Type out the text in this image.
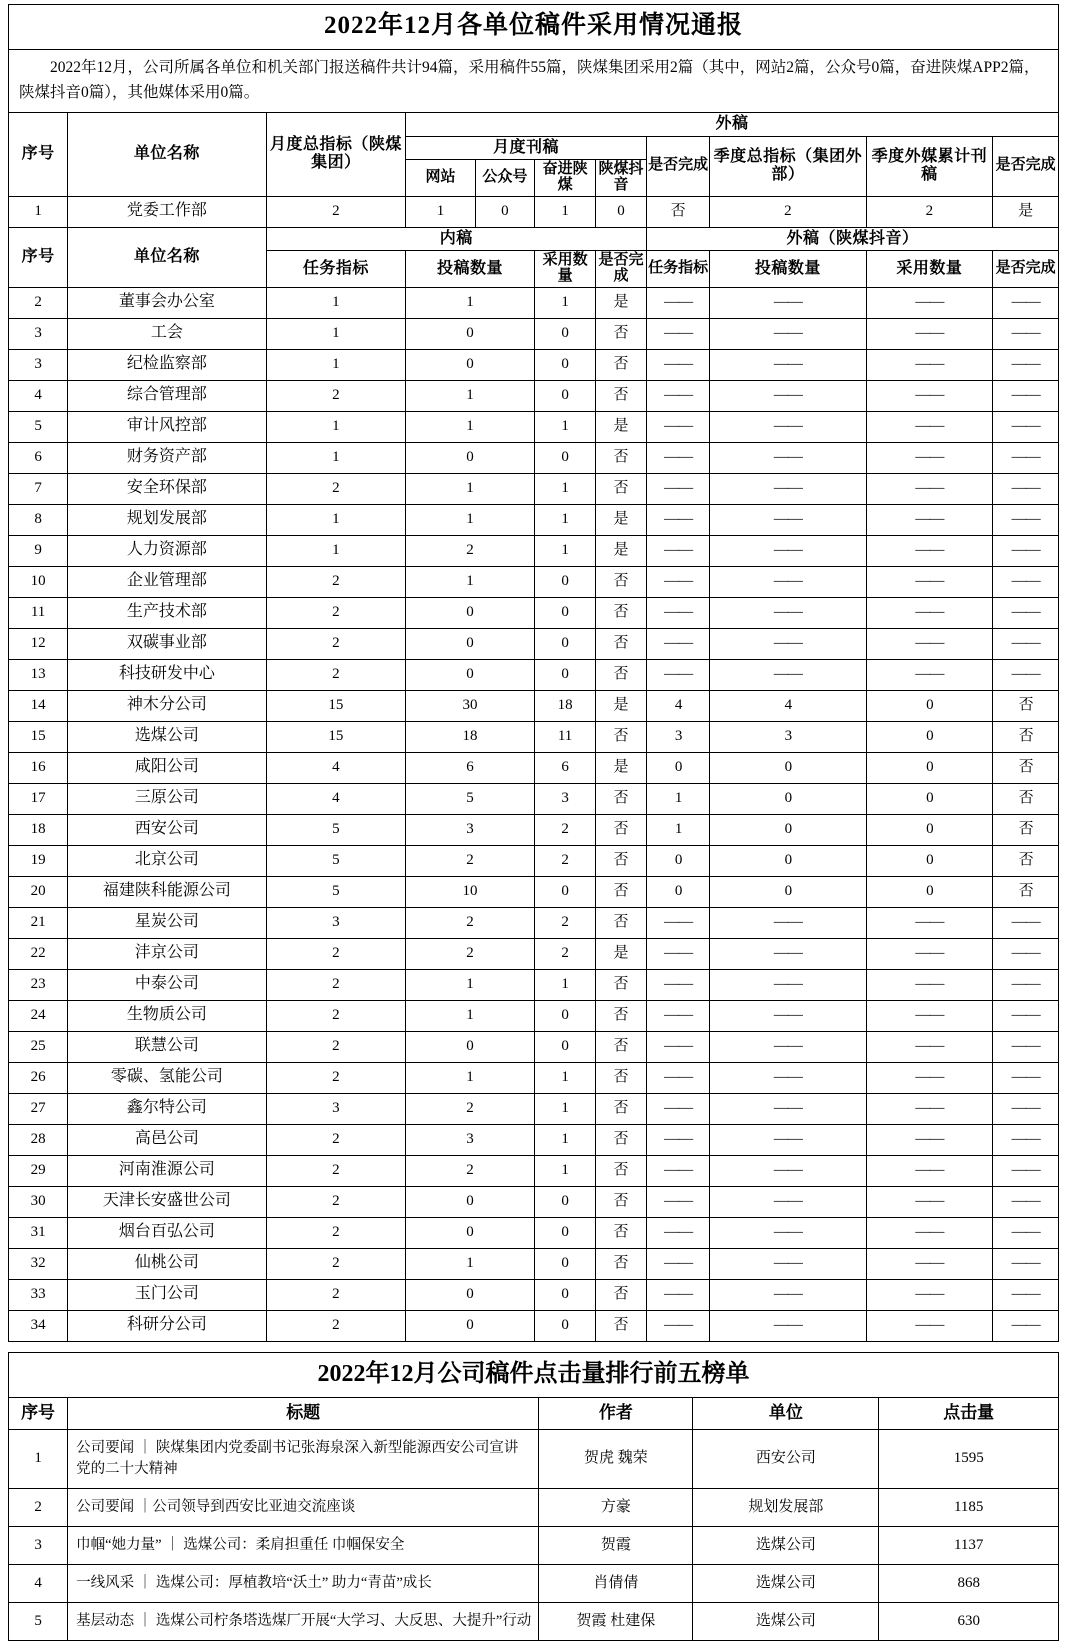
2022年12月各单位稿件采用情况通报										
2022年12月，公司所属各单位和机关部门报送稿件共计94篇，采用稿件55篇，陕煤集团采用2篇（其中，网站2篇，公众号0篇，奋进陕煤APP2篇，陕煤抖音0篇），其他媒体采用0篇。										
序号	单位名称	月度总指标（陕煤集团）	外稿							
			月度刊稿				是否完成	季度总指标（集团外部）	季度外媒累计刊稿	是否完成
			网站	公众号	奋进陕煤	陕煤抖音				
1	党委工作部	2	1	0	1	0	否	2	2	是
序号	单位名称	内稿					外稿（陕煤抖音）			
		任务指标	投稿数量		采用数量	是否完成	任务指标	投稿数量	采用数量	是否完成
2	董事会办公室	1	1		1	是	——	——	——	——
3	工会	1	0		0	否	——	——	——	——
3	纪检监察部	1	0		0	否	——	——	——	——
4	综合管理部	2	1		0	否	——	——	——	——
5	审计风控部	1	1		1	是	——	——	——	——
6	财务资产部	1	0		0	否	——	——	——	——
7	安全环保部	2	1		1	否	——	——	——	——
8	规划发展部	1	1		1	是	——	——	——	——
9	人力资源部	1	2		1	是	——	——	——	——
10	企业管理部	2	1		0	否	——	——	——	——
11	生产技术部	2	0		0	否	——	——	——	——
12	双碳事业部	2	0		0	否	——	——	——	——
13	科技研发中心	2	0		0	否	——	——	——	——
14	神木分公司	15	30		18	是	4	4	0	否
15	选煤公司	15	18		11	否	3	3	0	否
16	咸阳公司	4	6		6	是	0	0	0	否
17	三原公司	4	5		3	否	1	0	0	否
18	西安公司	5	3		2	否	1	0	0	否
19	北京公司	5	2		2	否	0	0	0	否
20	福建陕科能源公司	5	10		0	否	0	0	0	否
21	星炭公司	3	2		2	否	——	——	——	——
22	沣京公司	2	2		2	是	——	——	——	——
23	中泰公司	2	1		1	否	——	——	——	——
24	生物质公司	2	1		0	否	——	——	——	——
25	联慧公司	2	0		0	否	——	——	——	——
26	零碳、氢能公司	2	1		1	否	——	——	——	——
27	鑫尔特公司	3	2		1	否	——	——	——	——
28	高邑公司	2	3		1	否	——	——	——	——
29	河南淮源公司	2	2		1	否	——	——	——	——
30	天津长安盛世公司	2	0		0	否	——	——	——	——
31	烟台百弘公司	2	0		0	否	——	——	——	——
32	仙桃公司	2	1		0	否	——	——	——	——
33	玉门公司	2	0		0	否	——	——	——	——
34	科研分公司	2	0		0	否	——	——	——	——
2022年12月公司稿件点击量排行前五榜单				
序号	标题	作者	单位	点击量
1	公司要闻 ｜ 陕煤集团内党委副书记张海泉深入新型能源西安公司宣讲党的二十大精神	贺虎 魏荣	西安公司	1595
2	公司要闻 ｜公司领导到西安比亚迪交流座谈	方豪	规划发展部	1185
3	巾帼“她力量” ｜ 选煤公司：柔肩担重任 巾帼保安全	贺霞	选煤公司	1137
4	一线风采 ｜ 选煤公司：厚植教培“沃土” 助力“青苗”成长	肖倩倩	选煤公司	868
5	基层动态 ｜ 选煤公司柠条塔选煤厂开展“大学习、大反思、大提升”行动	贺霞 杜建保	选煤公司	630
